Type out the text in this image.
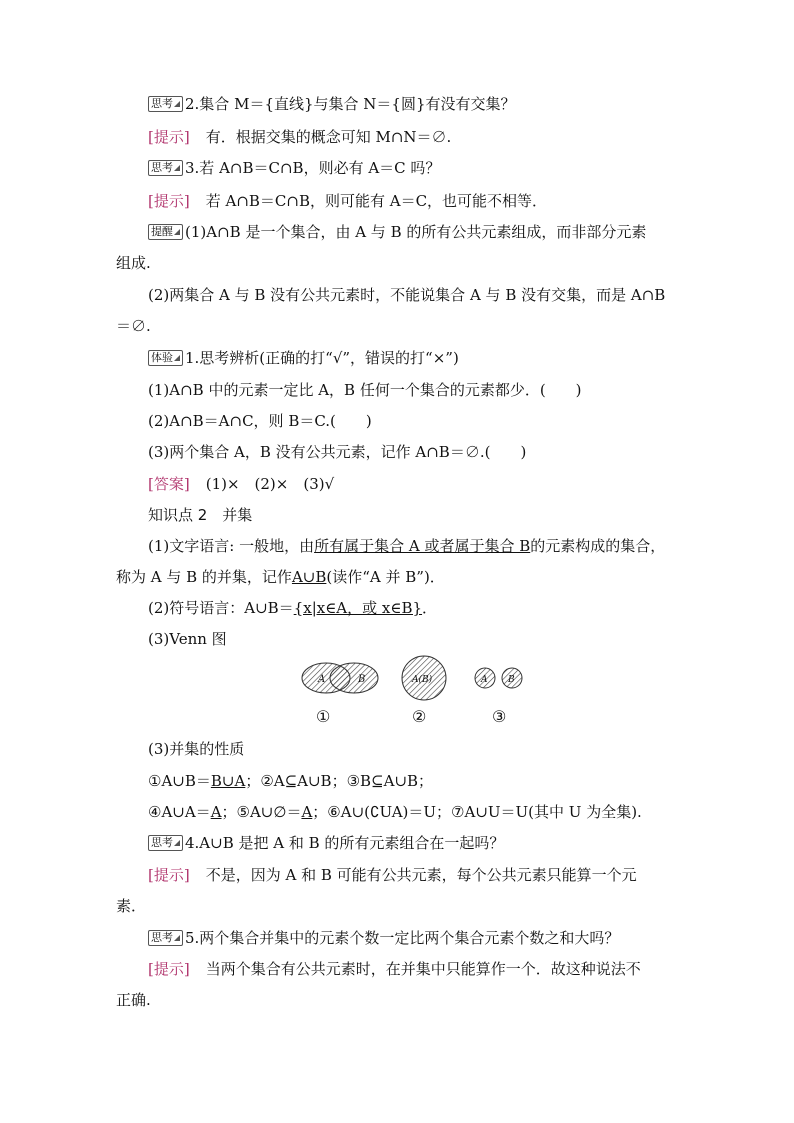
思考 2.集合 M＝{直线}与集合 N＝{圆}有没有交集？
[提示] 有．根据交集的概念可知 M∩N＝∅.
思考 3.若 A∩B＝C∩B，则必有 A＝C 吗？
[提示] 若 A∩B＝C∩B，则可能有 A＝C，也可能不相等．
提醒 (1)A∩B 是一个集合，由 A 与 B 的所有公共元素组成，而非部分元素
组成.
(2)两集合 A 与 B 没有公共元素时，不能说集合 A 与 B 没有交集，而是 A∩B
＝∅.
体验 1.思考辨析(正确的打“√”，错误的打“×”)
(1)A∩B 中的元素一定比 A，B 任何一个集合的元素都少．(　　)
(2)A∩B＝A∩C，则 B＝C.(　　)
(3)两个集合 A，B 没有公共元素，记作 A∩B＝∅.(　　)
[答案] (1)×　(2)×　(3)√
知识点 2　并集
(1)文字语言: 一般地，由所有属于集合 A 或者属于集合 B的元素构成的集合，
称为 A 与 B 的并集，记作A∪B(读作“A 并 B”)．
(2)符号语言：A∪B＝{x|x∈A，或 x∈B}．
(3)Venn 图
A	B	A(B)	A B
①	②	③
(3)并集的性质
①A∪B＝B∪A；②A⊆A∪B；③B⊆A∪B；
④A∪A＝A；⑤A∪∅＝A；⑥A∪(∁UA)＝U；⑦A∪U＝U(其中 U 为全集).
思考 4.A∪B 是把 A 和 B 的所有元素组合在一起吗？
[提示] 不是，因为 A 和 B 可能有公共元素，每个公共元素只能算一个元
素．
思考 5.两个集合并集中的元素个数一定比两个集合元素个数之和大吗？
[提示] 当两个集合有公共元素时，在并集中只能算作一个．故这种说法不
正确.
